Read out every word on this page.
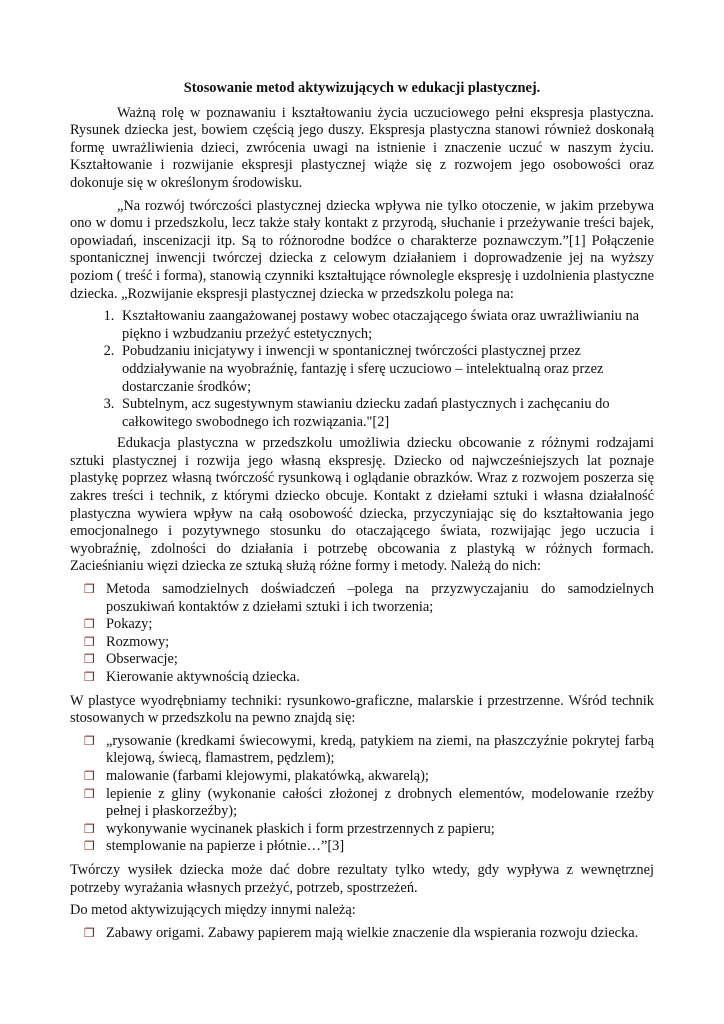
Stosowanie metod aktywizujących w edukacji plastycznej.

Ważną rolę w poznawaniu i kształtowaniu życia uczuciowego pełni ekspresja plastyczna. Rysunek dziecka jest, bowiem częścią jego duszy. Ekspresja plastyczna stanowi również doskonałą formę uwrażliwienia dzieci, zwrócenia uwagi na istnienie i znaczenie uczuć w naszym życiu. Kształtowanie i rozwijanie ekspresji plastycznej wiąże się z rozwojem jego osobowości oraz dokonuje się w określonym środowisku.

„Na rozwój twórczości plastycznej dziecka wpływa nie tylko otoczenie, w jakim przebywa ono w domu i przedszkolu, lecz także stały kontakt z przyrodą, słuchanie i przeżywanie treści bajek, opowiadań, inscenizacji itp. Są to różnorodne bodźce o charakterze poznawczym.”[1] Połączenie spontanicznej inwencji twórczej dziecka z celowym działaniem i doprowadzenie jej na wyższy poziom ( treść i forma), stanowią czynniki kształtujące równolegle ekspresję i uzdolnienia plastyczne dziecka. „Rozwijanie ekspresji plastycznej dziecka w przedszkolu polega na:

1. Kształtowaniu zaangażowanej postawy wobec otaczającego świata oraz uwrażliwianiu na piękno i wzbudzaniu przeżyć estetycznych;
2. Pobudzaniu inicjatywy i inwencji w spontanicznej twórczości plastycznej przez oddziaływanie na wyobraźnię, fantazję i sferę uczuciowo – intelektualną oraz przez dostarczanie środków;
3. Subtelnym, acz sugestywnym stawianiu dziecku zadań plastycznych i zachęcaniu do całkowitego swobodnego ich rozwiązania."[2]

Edukacja plastyczna w przedszkolu umożliwia dziecku obcowanie z różnymi rodzajami sztuki plastycznej i rozwija jego własną ekspresję. Dziecko od najwcześniejszych lat poznaje plastykę poprzez własną twórczość rysunkową i oglądanie obrazków. Wraz z rozwojem poszerza się zakres treści i technik, z którymi dziecko obcuje. Kontakt z dziełami sztuki i własna działalność plastyczna wywiera wpływ na całą osobowość dziecka, przyczyniając się do kształtowania jego emocjonalnego i pozytywnego stosunku do otaczającego świata, rozwijając jego uczucia i wyobraźnię, zdolności do działania i potrzebę obcowania z plastyką w różnych formach. Zacieśnianiu więzi dziecka ze sztuką służą różne formy i metody. Należą do nich:

❒ Metoda samodzielnych doświadczeń –polega na przyzwyczajaniu do samodzielnych poszukiwań kontaktów z dziełami sztuki i ich tworzenia;
❒ Pokazy;
❒ Rozmowy;
❒ Obserwacje;
❒ Kierowanie aktywnością dziecka.

W plastyce wyodrębniamy techniki: rysunkowo-graficzne, malarskie i przestrzenne. Wśród technik stosowanych w przedszkolu na pewno znajdą się:

❒ „rysowanie (kredkami świecowymi, kredą, patykiem na ziemi, na płaszczyźnie pokrytej farbą klejową, świecą, flamastrem, pędzlem);
❒ malowanie (farbami klejowymi, plakatówką, akwarelą);
❒ lepienie z gliny (wykonanie całości złożonej z drobnych elementów, modelowanie rzeźby pełnej i płaskorzeźby);
❒ wykonywanie wycinanek płaskich i form przestrzennych z papieru;
❒ stemplowanie na papierze i płótnie…”[3]

Twórczy wysiłek dziecka może dać dobre rezultaty tylko wtedy, gdy wypływa z wewnętrznej potrzeby wyrażania własnych przeżyć, potrzeb, spostrzeżeń.

Do metod aktywizujących między innymi należą:

❒ Zabawy origami. Zabawy papierem mają wielkie znaczenie dla wspierania rozwoju dziecka.
